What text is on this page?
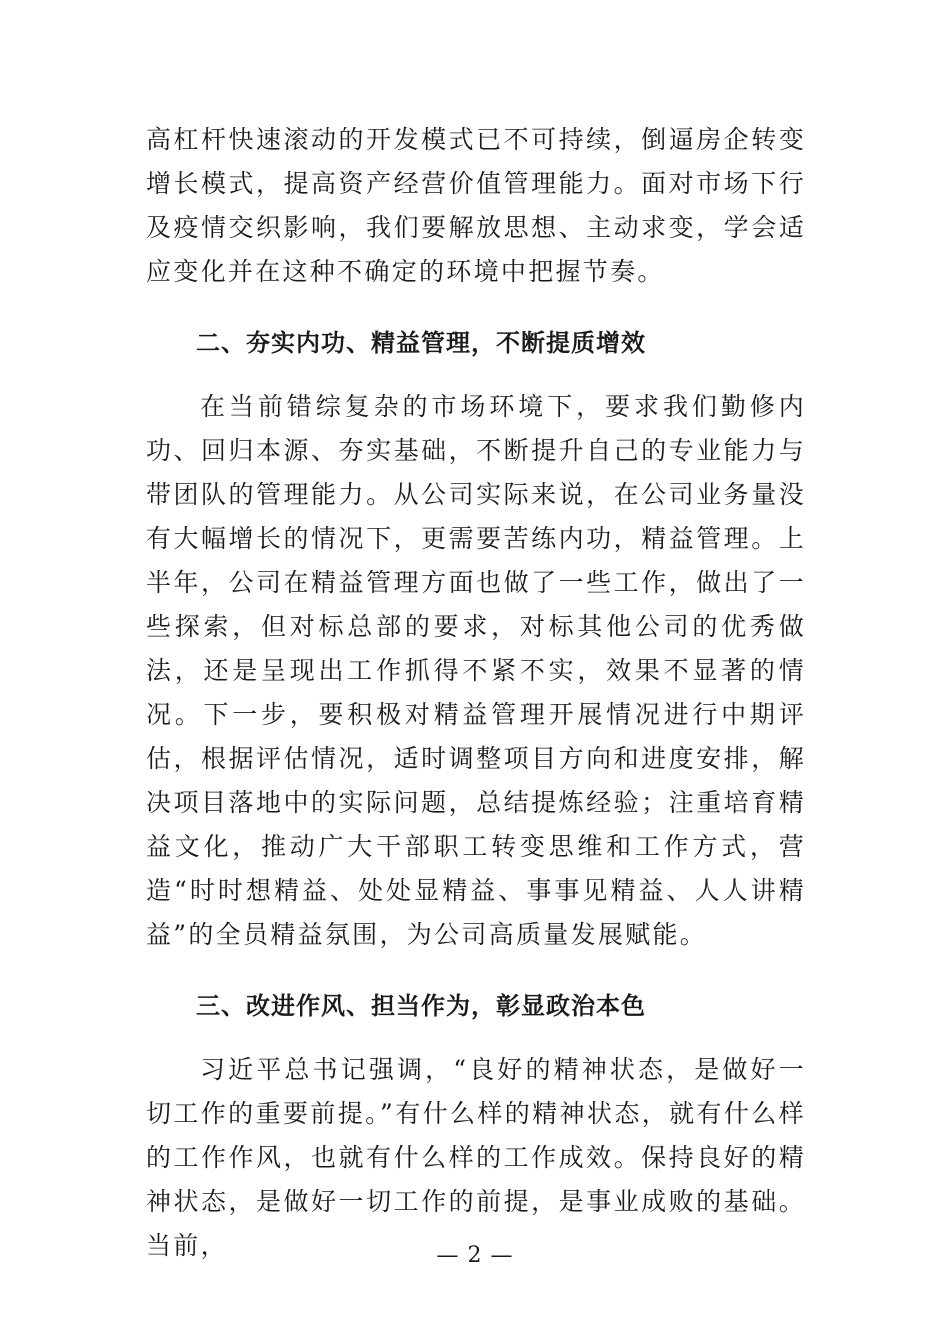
高杠杆快速滚动的开发模式已不可持续，倒逼房企转变增长模式，提高资产经营价值管理能力。面对市场下行及疫情交织影响，我们要解放思想、主动求变，学会适应变化并在这种不确定的环境中把握节奏。

二、夯实内功、精益管理，不断提质增效

在当前错综复杂的市场环境下，要求我们勤修内功、回归本源、夯实基础，不断提升自己的专业能力与带团队的管理能力。从公司实际来说，在公司业务量没有大幅增长的情况下，更需要苦练内功，精益管理。上半年，公司在精益管理方面也做了一些工作，做出了一些探索，但对标总部的要求，对标其他公司的优秀做法，还是呈现出工作抓得不紧不实，效果不显著的情况。下一步，要积极对精益管理开展情况进行中期评估，根据评估情况，适时调整项目方向和进度安排，解决项目落地中的实际问题，总结提炼经验；注重培育精益文化，推动广大干部职工转变思维和工作方式，营造“时时想精益、处处显精益、事事见精益、人人讲精益”的全员精益氛围，为公司高质量发展赋能。

三、改进作风、担当作为，彰显政治本色

习近平总书记强调，“良好的精神状态，是做好一切工作的重要前提。”有什么样的精神状态，就有什么样的工作作风，也就有什么样的工作成效。保持良好的精神状态，是做好一切工作的前提，是事业成败的基础。当前，	— 2 —
